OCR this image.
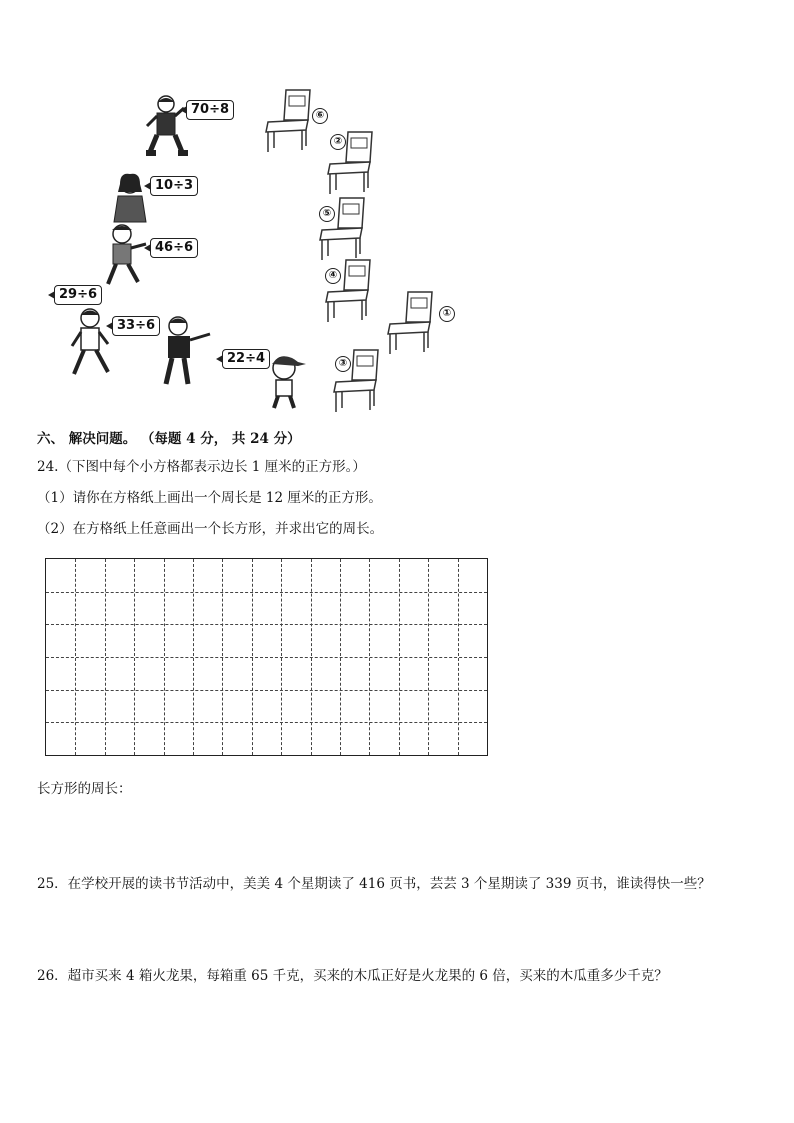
70÷8
10÷3
46÷6
29÷6
33÷6
22÷4
⑥
②
⑤
④
①
③
六、 解决问题。 （每题 4 分， 共 24 分）
24.（下图中每个小方格都表示边长 1 厘米的正方形。）
（1）请你在方格纸上画出一个周长是 12 厘米的正方形。
（2）在方格纸上任意画出一个长方形，并求出它的周长。
长方形的周长：
25．在学校开展的读书节活动中，美美 4 个星期读了 416 页书，芸芸 3 个星期读了 339 页书，谁读得快一些？
26．超市买来 4 箱火龙果，每箱重 65 千克，买来的木瓜正好是火龙果的 6 倍，买来的木瓜重多少千克？
